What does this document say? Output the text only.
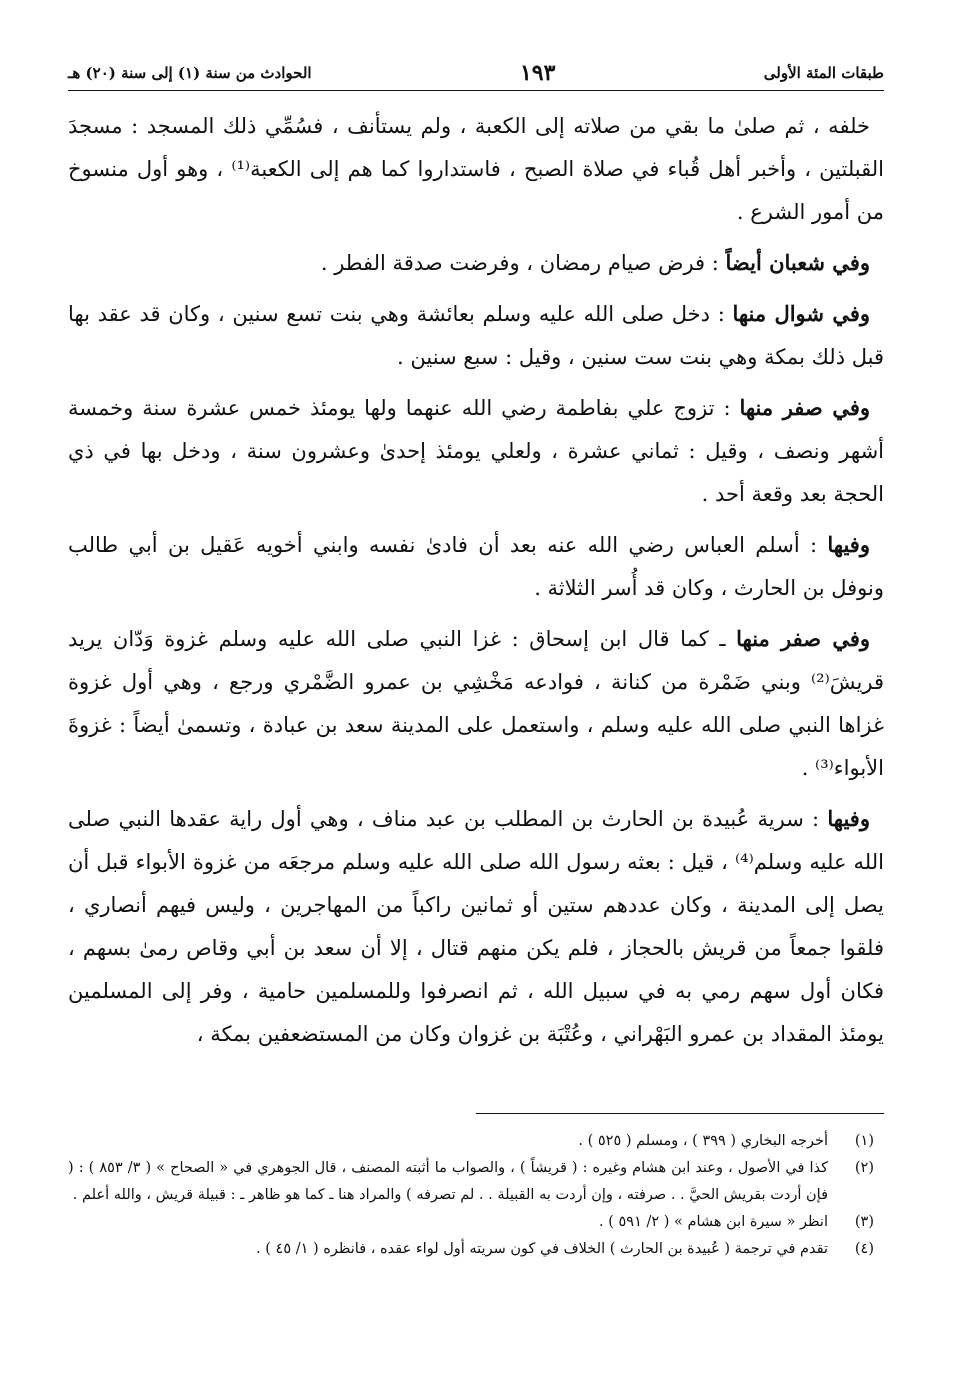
طبقات المئة الأولى
١٩٣
الحوادث من سنة (١) إلى سنة (٢٠) هـ

خلفه ، ثم صلىٰ ما بقي من صلاته إلى الكعبة ، ولم يستأنف ، فسُمِّي ذلك المسجد : مسجدَ القبلتين ، وأخبر أهل قُباء في صلاة الصبح ، فاستداروا كما هم إلى الكعبة⁽¹⁾ ، وهو أول منسوخ من أمور الشرع .

وفي شعبان أيضاً : فرض صيام رمضان ، وفرضت صدقة الفطر .

وفي شوال منها : دخل صلى الله عليه وسلم بعائشة وهي بنت تسع سنين ، وكان قد عقد بها قبل ذلك بمكة وهي بنت ست سنين ، وقيل : سبع سنين .

وفي صفر منها : تزوج علي بفاطمة رضي الله عنهما ولها يومئذ خمس عشرة سنة وخمسة أشهر ونصف ، وقيل : ثماني عشرة ، ولعلي يومئذ إحدىٰ وعشرون سنة ، ودخل بها في ذي الحجة بعد وقعة أحد .

وفيها : أسلم العباس رضي الله عنه بعد أن فادىٰ نفسه وابني أخويه عَقيل بن أبي طالب ونوفل بن الحارث ، وكان قد أُسر الثلاثة .

وفي صفر منها ـ كما قال ابن إسحاق : غزا النبي صلى الله عليه وسلم غزوة وَدّان يريد قريشَ⁽²⁾ وبني ضَمْرة من كنانة ، فوادعه مَخْشِي بن عمرو الضَّمْري ورجع ، وهي أول غزوة غزاها النبي صلى الله عليه وسلم ، واستعمل على المدينة سعد بن عبادة ، وتسمىٰ أيضاً : غزوةَ الأبواء⁽³⁾ .

وفيها : سرية عُبيدة بن الحارث بن المطلب بن عبد مناف ، وهي أول راية عقدها النبي صلى الله عليه وسلم⁽⁴⁾ ، قيل : بعثه رسول الله صلى الله عليه وسلم مرجعَه من غزوة الأبواء قبل أن يصل إلى المدينة ، وكان عددهم ستين أو ثمانين راكباً من المهاجرين ، وليس فيهم أنصاري ، فلقوا جمعاً من قريش بالحجاز ، فلم يكن منهم قتال ، إلا أن سعد بن أبي وقاص رمىٰ بسهم ، فكان أول سهم رمي به في سبيل الله ، ثم انصرفوا وللمسلمين حامية ، وفر إلى المسلمين يومئذ المقداد بن عمرو البَهْراني ، وعُتْبَة بن غزوان وكان من المستضعفين بمكة ،

(١)
أخرجه البخاري ( ٣٩٩ ) ، ومسلم ( ٥٢٥ ) .
(٢)
كذا في الأصول ، وعند ابن هشام وغيره : ( قريشاً ) ، والصواب ما أثبته المصنف ، قال الجوهري في « الصحاح » ( ٣/ ٨٥٣ ) : ( فإن أردت بقريش الحيَّ . . صرفته ، وإن أردت به القبيلة . . لم تصرفه ) والمراد هنا ـ كما هو ظاهر ـ : قبيلة قريش ، والله أعلم .
(٣)
انظر « سيرة ابن هشام » ( ٢/ ٥٩١ ) .
(٤)
تقدم في ترجمة ( عُبيدة بن الحارث ) الخلاف في كون سريته أول لواء عقده ، فانظره ( ١/ ٤٥ ) .
